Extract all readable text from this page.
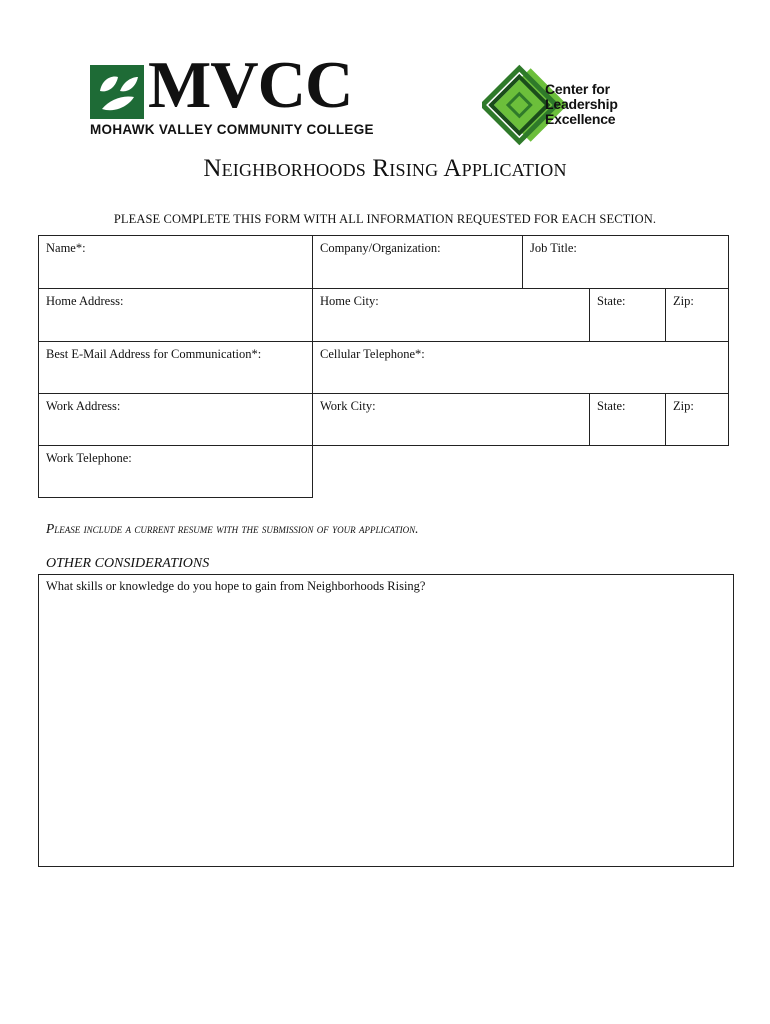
MVCC
MOHAWK VALLEY COMMUNITY COLLEGE
Center for
Leadership
Excellence
Neighborhoods Rising Application
PLEASE COMPLETE THIS FORM WITH ALL INFORMATION REQUESTED FOR EACH SECTION.
Name*:	Company/Organization:	Job Title:
Home Address:	Home City:	State:	Zip:
Best E-Mail Address for Communication*:	Cellular Telephone*:
Work Address:	Work City:	State:	Zip:
Work Telephone:
Please include a current resume with the submission of your application.
OTHER CONSIDERATIONS
What skills or knowledge do you hope to gain from Neighborhoods Rising?
